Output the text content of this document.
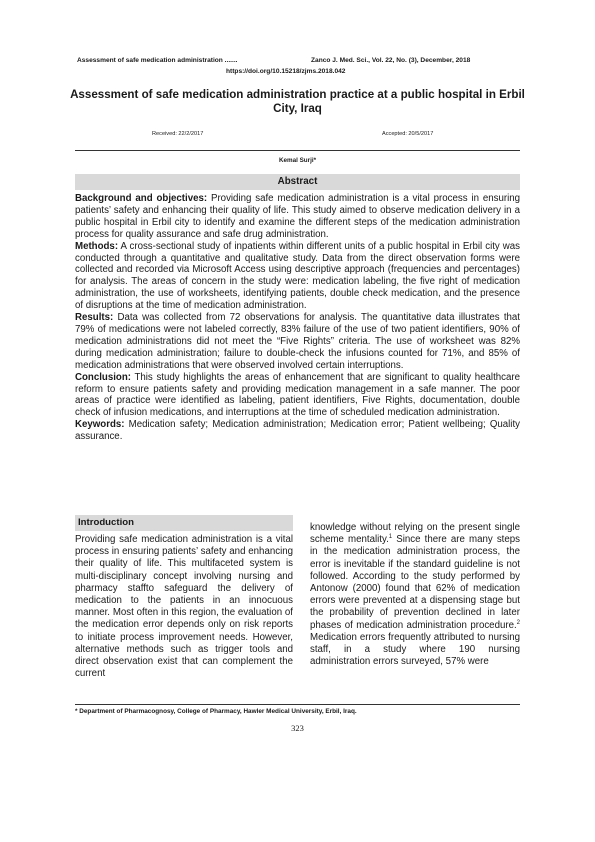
Assessment of safe medication administration .......	Zanco J. Med. Sci., Vol. 22, No. (3), December, 2018
https://doi.org/10.15218/zjms.2018.042
Assessment of safe medication administration practice at a public hospital in Erbil City, Iraq
Received: 22/2/2017	Accepted: 20/5/2017
Kemal Surji*
Abstract

Background and objectives: Providing safe medication administration is a vital process in ensuring patients’ safety and enhancing their quality of life. This study aimed to observe medication delivery in a public hospital in Erbil city to identify and examine the different steps of the medication administration process for quality assurance and safe drug administration.

Methods: A cross-sectional study of inpatients within different units of a public hospital in Erbil city was conducted through a quantitative and qualitative study. Data from the direct observation forms were collected and recorded via Microsoft Access using descriptive approach (frequencies and percentages) for analysis. The areas of concern in the study were: medication labeling, the five right of medication administration, the use of worksheets, identifying patients, double check medication, and the presence of disruptions at the time of medication administration.

Results: Data was collected from 72 observations for analysis. The quantitative data illustrates that 79% of medications were not labeled correctly, 83% failure of the use of two patient identifiers, 90% of medication administrations did not meet the “Five Rights” criteria. The use of worksheet was 82% during medication administration; failure to double-check the infusions counted for 71%, and 85% of medication administrations that were observed involved certain interruptions.

Conclusion: This study highlights the areas of enhancement that are significant to quality healthcare reform to ensure patients safety and providing medication management in a safe manner. The poor areas of practice were identified as labeling, patient identifiers, Five Rights, documentation, double check of infusion medications, and interruptions at the time of scheduled medication administration.

Keywords: Medication safety; Medication administration; Medication error; Patient wellbeing; Quality assurance.

Introduction
Providing safe medication administration is a vital process in ensuring patients’ safety and enhancing their quality of life. This multifaceted system is multi-disciplinary concept involving nursing and pharmacy staffto safeguard the delivery of medication to the patients in an innocuous manner. Most often in this region, the evaluation of the medication error depends only on risk reports to initiate process improvement needs. However, alternative methods such as trigger tools and direct observation exist that can complement the current
knowledge without relying on the present single scheme mentality.$^1$ Since there are many steps in the medication administration process, the error is inevitable if the standard guideline is not followed. According to the study performed by Antonow (2000) found that 62% of medication errors were prevented at a dispensing stage but the probability of prevention declined in later phases of medication administration procedure.$^2$ Medication errors frequently attributed to nursing staff, in a study where 190 nursing administration errors surveyed, 57% were
* Department of Pharmacognosy, College of Pharmacy, Hawler Medical University, Erbil, Iraq.
323
